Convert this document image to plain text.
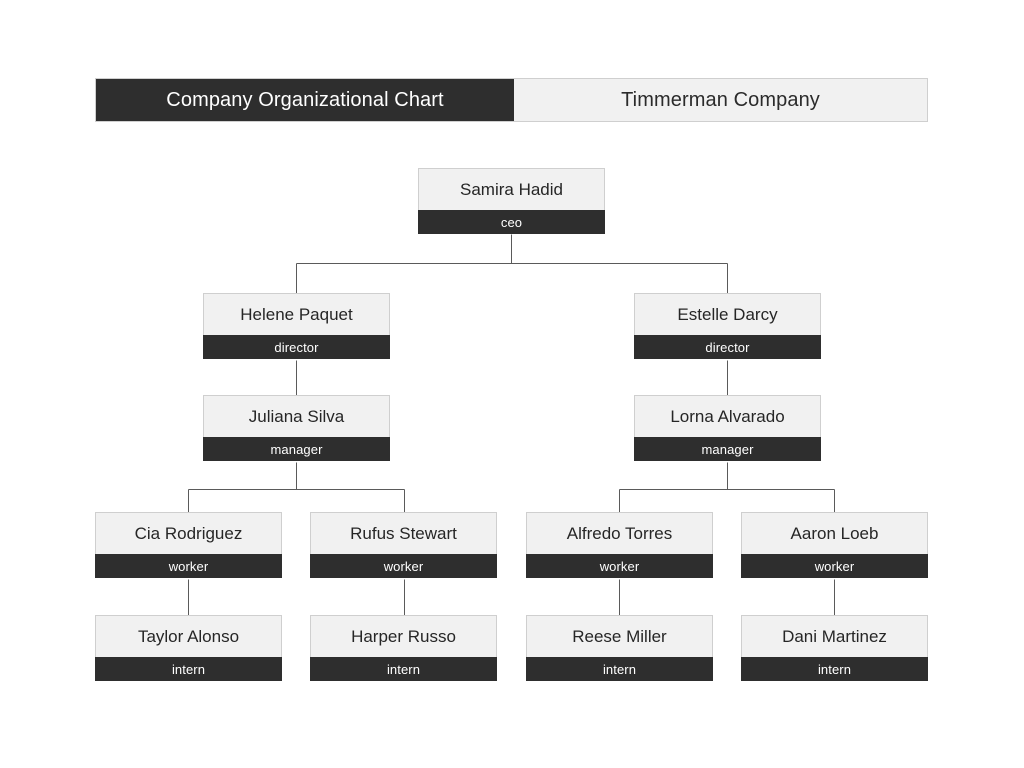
Company Organizational Chart	Timmerman Company
Samira Hadid
ceo
Helene Paquet
director
Estelle Darcy
director
Juliana Silva
manager
Lorna Alvarado
manager
Cia Rodriguez
worker
Rufus Stewart
worker
Alfredo Torres
worker
Aaron Loeb
worker
Taylor Alonso
intern
Harper Russo
intern
Reese Miller
intern
Dani Martinez
intern
